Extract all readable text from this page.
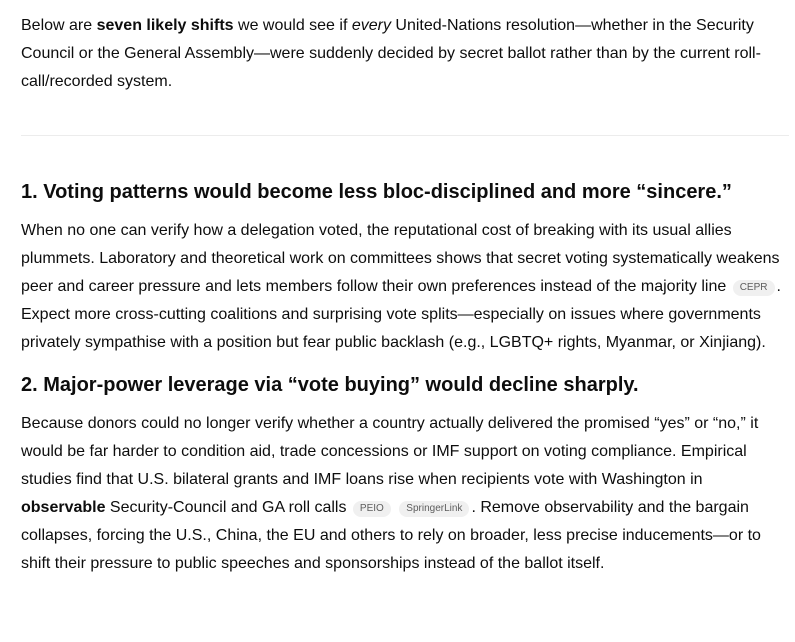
Below are seven likely shifts we would see if every United-Nations resolution—whether in the Security Council or the General Assembly—were suddenly decided by secret ballot rather than by the current roll-call/recorded system.

1. Voting patterns would become less bloc-disciplined and more “sincere.”

When no one can verify how a delegation voted, the reputational cost of breaking with its usual allies plummets. Laboratory and theoretical work on committees shows that secret voting systematically weakens peer and career pressure and lets members follow their own preferences instead of the majority line CEPR . Expect more cross-cutting coalitions and surprising vote splits—especially on issues where governments privately sympathise with a position but fear public backlash (e.g., LGBTQ+ rights, Myanmar, or Xinjiang).

2. Major-power leverage via “vote buying” would decline sharply.

Because donors could no longer verify whether a country actually delivered the promised “yes” or “no,” it would be far harder to condition aid, trade concessions or IMF support on voting compliance. Empirical studies find that U.S. bilateral grants and IMF loans rise when recipients vote with Washington in observable Security-Council and GA roll calls PEIO SpringerLink . Remove observability and the bargain collapses, forcing the U.S., China, the EU and others to rely on broader, less precise inducements—or to shift their pressure to public speeches and sponsorships instead of the ballot itself.
